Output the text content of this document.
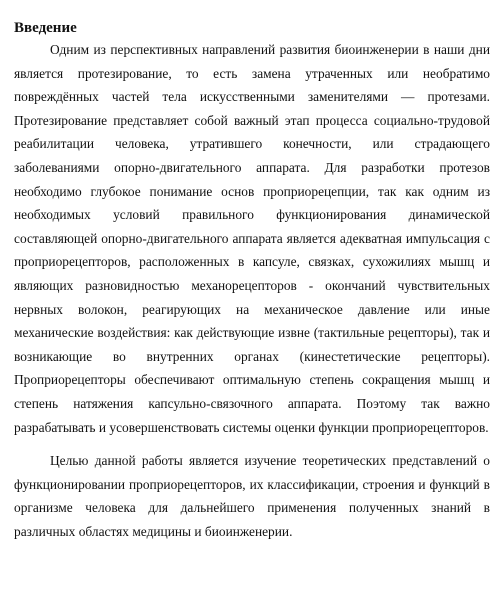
Введение

Одним из перспективных направлений развития биоинженерии в наши дни является протезирование, то есть замена утраченных или необратимо повреждённых частей тела искусственными заменителями — протезами. Протезирование представляет собой важный этап процесса социально-трудовой реабилитации человека, утратившего конечности, или страдающего заболеваниями опорно-двигательного аппарата. Для разработки протезов необходимо глубокое понимание основ проприорецепции, так как одним из необходимых условий правильного функционирования динамической составляющей опорно-двигательного аппарата является адекватная импульсация с проприорецепторов, расположенных в капсуле, связках, сухожилиях мышц и являющих разновидностью механорецепторов - окончаний чувствительных нервных волокон, реагирующих на механическое давление или иные механические воздействия: как действующие извне (тактильные рецепторы), так и возникающие во внутренних органах (кинестетические рецепторы). Проприорецепторы обеспечивают оптимальную степень сокращения мышц и степень натяжения капсульно-связочного аппарата. Поэтому так важно разрабатывать и усовершенствовать системы оценки функции проприорецепторов.

Целью данной работы является изучение теоретических представлений о функционировании проприорецепторов, их классификации, строения и функций в организме человека для дальнейшего применения полученных знаний в различных областях медицины и биоинженерии.
